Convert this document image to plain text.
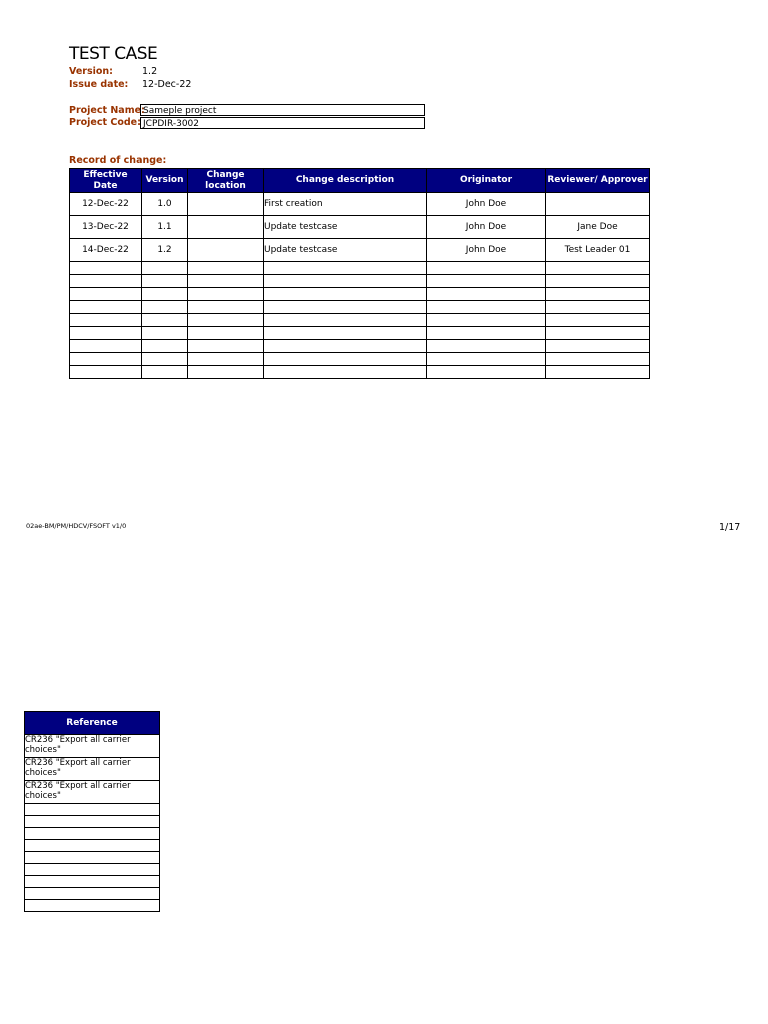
TEST CASE
Version:	1.2
Issue date: 12-Dec-22
Project Name:
Sameple project
Project Code: JCPDIR-3002
Record of change:
Effective Date	Version	Change location	Change description	Originator	Reviewer/ Approver
12-Dec-22	1.0		First creation	John Doe	
13-Dec-22	1.1		Update testcase	John Doe	Jane Doe
14-Dec-22	1.2		Update testcase	John Doe	Test Leader 01

02ae-BM/PM/HDCV/FSOFT v1/0	1/17
Reference
CR236 "Export all carrier choices"
CR236 "Export all carrier choices"
CR236 "Export all carrier choices"
